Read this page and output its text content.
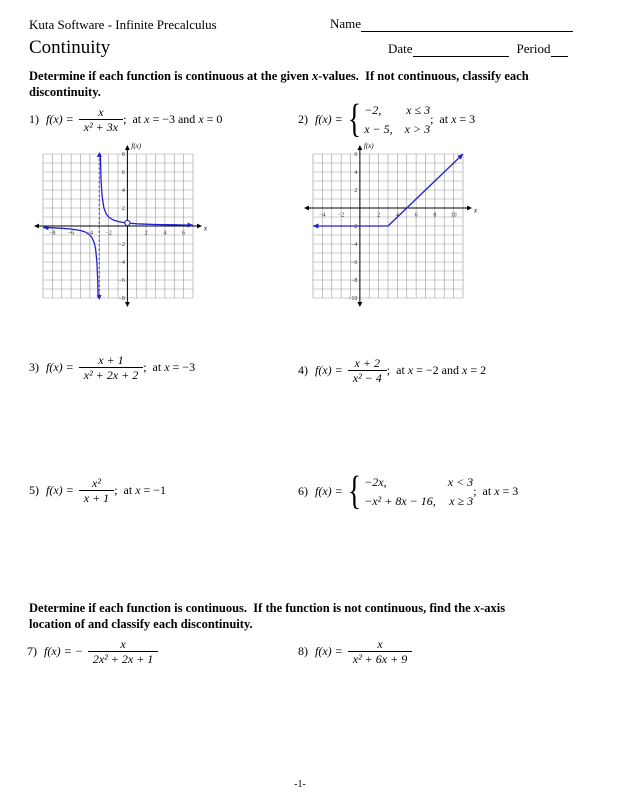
Kuta Software - Infinite Precalculus	Name
Continuity	Date	Period
Determine if each function is continuous at the given x-values.  If not continuous, classify each
discontinuity.
1) $f(x) = \frac{x}{\text{x² + 3x}}$ ;  at x = −3 and x = 0	2) f(x) = { −2,	x ≤ 3
x − 5, x > 3
;  at x = 3
−8 −6 −4 −2	2	4	6
8
6
4
2
−2
−4
−6
−8
x
f(x)
−4 −2	2	4	6	8 10
6
4
2
−2
−4
−6
−8
−10
x
f(x)
3) $f(x) = \frac{x + 1}{\text{x² + 2x + 2}}$ ;  at x = −3	4) $f(x) = \frac{x + 2}{\text{x² − 4}}$ ;  at x = −2 and x = 2
5) $f(x) = \frac{\text{x²}}{x + 1}$ ;  at x = −1	6) f(x) = { −2x,	x < 3
−x² + 8x − 16, x ≥ 3
;  at x = 3
Determine if each function is continuous.  If the function is not continuous, find the x-axis
location of and classify each discontinuity.
7) f(x) = − $\frac{x}{\text{2x² + 2x + 1}}$	8) $f(x) = \frac{x}{\text{x² + 6x + 9}}$
-1-
